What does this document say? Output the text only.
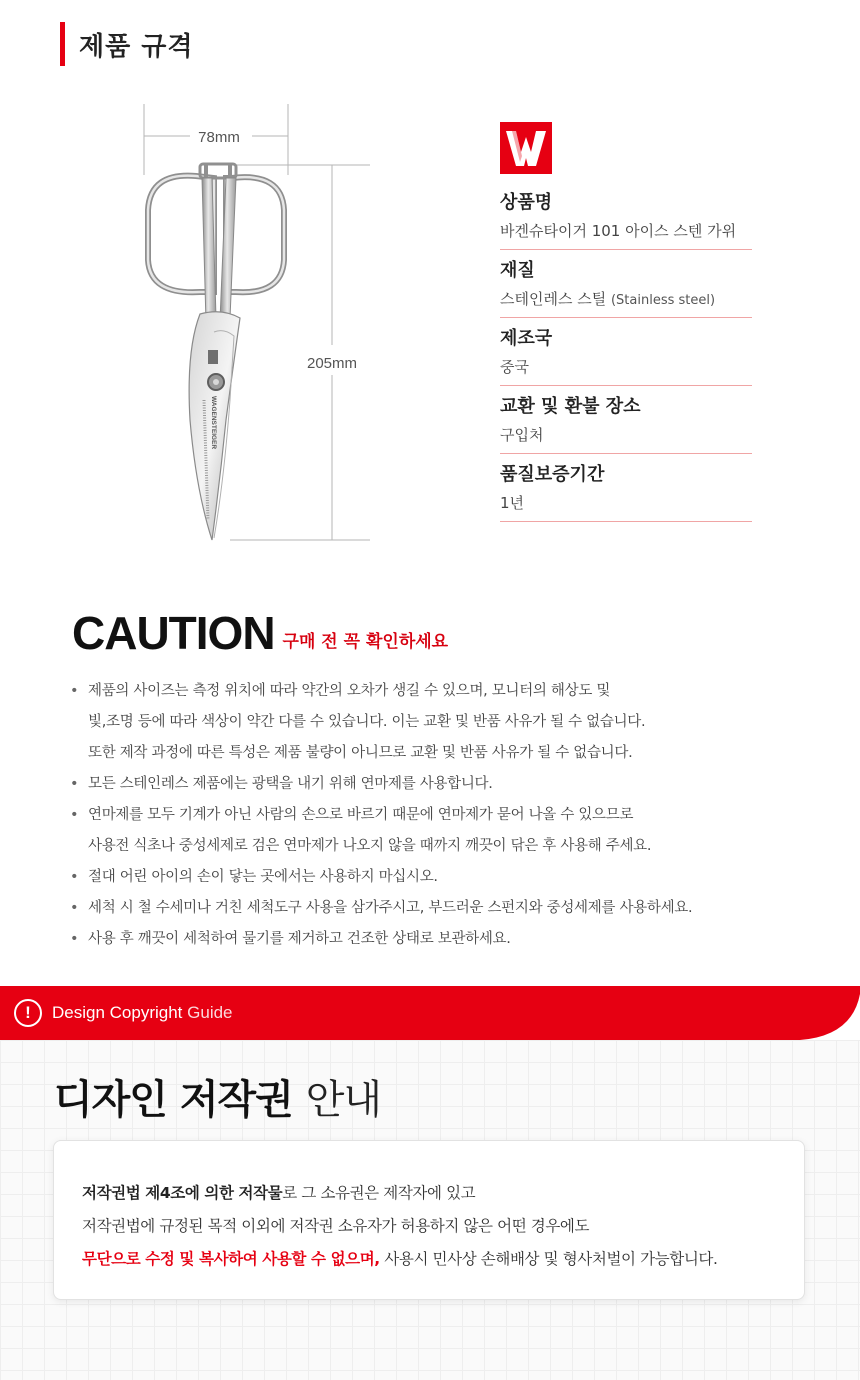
제품 규격
78mm
205mm
WAGENSTEIGER
상품명
바겐슈타이거 101 아이스 스텐 가위
재질
스테인레스 스틸 (Stainless steel)
제조국
중국
교환 및 환불 장소
구입처
품질보증기간
1년
CAUTION 구매 전 꼭 확인하세요
• 제품의 사이즈는 측정 위치에 따라 약간의 오차가 생길 수 있으며, 모니터의 해상도 및
빛,조명 등에 따라 색상이 약간 다를 수 있습니다. 이는 교환 및 반품 사유가 될 수 없습니다.
또한 제작 과정에 따른 특성은 제품 불량이 아니므로 교환 및 반품 사유가 될 수 없습니다.
• 모든 스테인레스 제품에는 광택을 내기 위해 연마제를 사용합니다.
• 연마제를 모두 기계가 아닌 사람의 손으로 바르기 때문에 연마제가 묻어 나올 수 있으므로
사용전 식초나 중성세제로 검은 연마제가 나오지 않을 때까지 깨끗이 닦은 후 사용해 주세요.
• 절대 어린 아이의 손이 닿는 곳에서는 사용하지 마십시오.
• 세척 시 철 수세미나 거친 세척도구 사용을 삼가주시고, 부드러운 스펀지와 중성세제를 사용하세요.
• 사용 후 깨끗이 세척하여 물기를 제거하고 건조한 상태로 보관하세요.
!	Design Copyright Guide
디자인 저작권 안내

저작권법 제4조에 의한 저작물로 그 소유권은 제작자에 있고

저작권법에 규정된 목적 이외에 저작권 소유자가 허용하지 않은 어떤 경우에도

무단으로 수정 및 복사하여 사용할 수 없으며, 사용시 민사상 손해배상 및 형사처벌이 가능합니다.
